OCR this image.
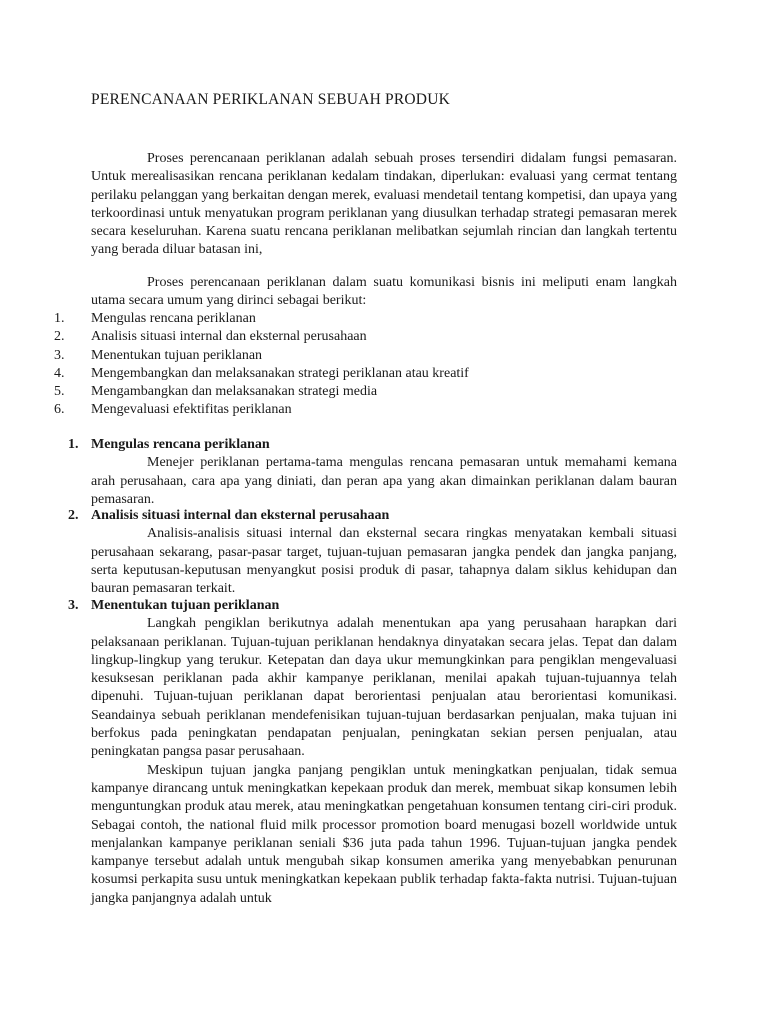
PERENCANAAN PERIKLANAN SEBUAH PRODUK

Proses perencanaan periklanan adalah sebuah proses tersendiri didalam fungsi pemasaran. Untuk merealisasikan rencana periklanan kedalam tindakan, diperlukan: evaluasi yang cermat tentang perilaku pelanggan yang berkaitan dengan merek, evaluasi mendetail tentang kompetisi, dan upaya yang terkoordinasi untuk menyatukan program periklanan yang diusulkan terhadap strategi pemasaran merek secara keseluruhan. Karena suatu rencana periklanan melibatkan sejumlah rincian dan langkah tertentu yang berada diluar batasan ini,

Proses perencanaan periklanan dalam suatu komunikasi bisnis ini meliputi enam langkah utama secara umum yang dirinci sebagai berikut:

1. Mengulas rencana periklanan
2. Analisis situasi internal dan eksternal perusahaan
3. Menentukan tujuan periklanan
4. Mengembangkan dan melaksanakan strategi periklanan atau kreatif
5. Mengambangkan dan melaksanakan strategi media
6. Mengevaluasi efektifitas periklanan
1. Mengulas rencana periklanan

Menejer periklanan pertama-tama mengulas rencana pemasaran untuk memahami kemana arah perusahaan, cara apa yang diniati, dan peran apa yang akan dimainkan periklanan dalam bauran pemasaran.

2. Analisis situasi internal dan eksternal perusahaan

Analisis-analisis situasi internal dan eksternal secara ringkas menyatakan kembali situasi perusahaan sekarang, pasar-pasar target, tujuan-tujuan pemasaran jangka pendek dan jangka panjang, serta keputusan-keputusan menyangkut posisi produk di pasar, tahapnya dalam siklus kehidupan dan bauran pemasaran terkait.

3. Menentukan tujuan periklanan

Langkah pengiklan berikutnya adalah menentukan apa yang perusahaan harapkan dari pelaksanaan periklanan. Tujuan-tujuan periklanan hendaknya dinyatakan secara jelas. Tepat dan dalam lingkup-lingkup yang terukur. Ketepatan dan daya ukur memungkinkan para pengiklan mengevaluasi kesuksesan periklanan pada akhir kampanye periklanan, menilai apakah tujuan-tujuannya telah dipenuhi. Tujuan-tujuan periklanan dapat berorientasi penjualan atau berorientasi komunikasi. Seandainya sebuah periklanan mendefenisikan tujuan-tujuan berdasarkan penjualan, maka tujuan ini berfokus pada peningkatan pendapatan penjualan, peningkatan sekian persen penjualan, atau peningkatan pangsa pasar perusahaan.

Meskipun tujuan jangka panjang pengiklan untuk meningkatkan penjualan, tidak semua kampanye dirancang untuk meningkatkan kepekaan produk dan merek, membuat sikap konsumen lebih menguntungkan produk atau merek, atau meningkatkan pengetahuan konsumen tentang ciri-ciri produk. Sebagai contoh, the national fluid milk processor promotion board menugasi bozell worldwide untuk menjalankan kampanye periklanan seniali $36 juta pada tahun 1996. Tujuan-tujuan jangka pendek kampanye tersebut adalah untuk mengubah sikap konsumen amerika yang menyebabkan penurunan kosumsi perkapita susu untuk meningkatkan kepekaan publik terhadap fakta-fakta nutrisi. Tujuan-tujuan jangka panjangnya adalah untuk
